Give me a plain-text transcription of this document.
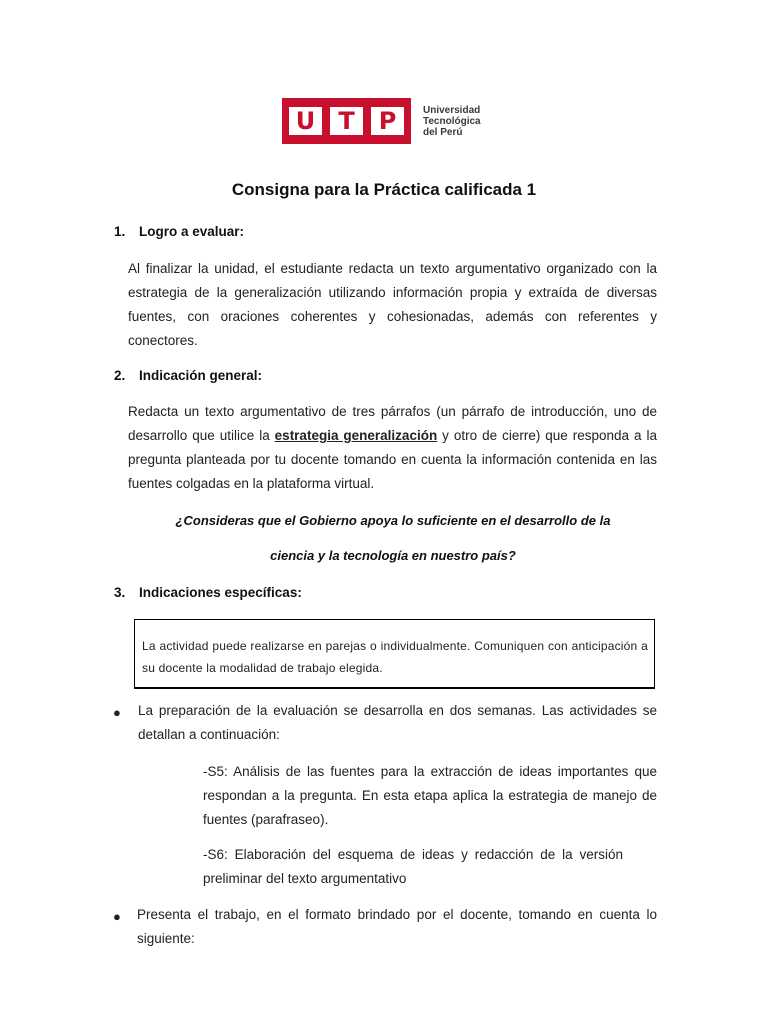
U T	P	Universidad
Tecnológica
del Perú
Consigna para la Práctica calificada 1
1. Logro a evaluar:
Al finalizar la unidad, el estudiante redacta un texto argumentativo organizado con la estrategia de la generalización utilizando información propia y extraída de diversas fuentes, con oraciones coherentes y cohesionadas, además con referentes y conectores.
2. Indicación general:
Redacta un texto argumentativo de tres párrafos (un párrafo de introducción, uno de desarrollo que utilice la estrategia generalización y otro de cierre) que responda a la pregunta planteada por tu docente tomando en cuenta la información contenida en las fuentes colgadas en la plataforma virtual.
¿Consideras que el Gobierno apoya lo suficiente en el desarrollo de la
ciencia y la tecnología en nuestro país?
3. Indicaciones específicas:
La actividad puede realizarse en parejas o individualmente. Comuniquen con anticipación a su docente la modalidad de trabajo elegida.
● La preparación de la evaluación se desarrolla en dos semanas. Las actividades se detallan a continuación:
-S5: Análisis de las fuentes para la extracción de ideas importantes que respondan a la pregunta. En esta etapa aplica la estrategia de manejo de fuentes (parafraseo).
-S6: Elaboración del esquema de ideas y redacción de la versión preliminar del texto argumentativo
● Presenta el trabajo, en el formato brindado por el docente, tomando en cuenta lo siguiente:
